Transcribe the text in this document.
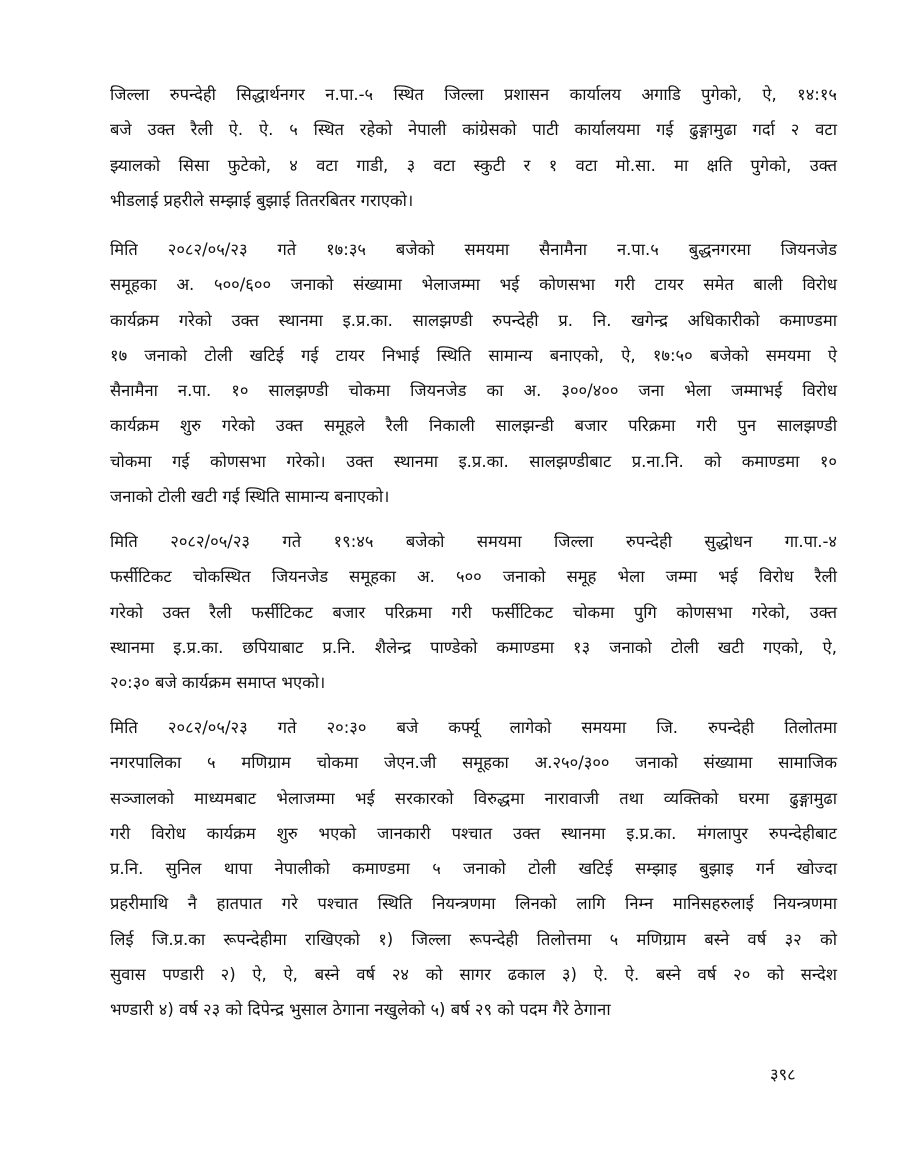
जिल्ला रुपन्देही सिद्धार्थनगर न.पा.-५ स्थित जिल्ला प्रशासन कार्यालय अगाडि पुगेको, ऐ, १४:१५
बजे उक्त रैली ऐ. ऐ. ५ स्थित रहेको नेपाली कांग्रेसको पाटी कार्यालयमा गई ढुङ्गामुढा गर्दा २ वटा
झ्यालको सिसा फुटेको, ४ वटा गाडी, ३ वटा स्कुटी र १ वटा मो.सा. मा क्षति पुगेको, उक्त
भीडलाई प्रहरीले सम्झाई बुझाई तितरबितर गराएको।
मिति २०८२/०५/२३ गते १७:३५ बजेको समयमा सैनामैना न.पा.५ बुद्धनगरमा जियनजेड
समूहका अ. ५००/६०० जनाको संख्यामा भेलाजम्मा भई कोणसभा गरी टायर समेत बाली विरोध
कार्यक्रम गरेको उक्त स्थानमा इ.प्र.का. सालझण्डी रुपन्देही प्र. नि. खगेन्द्र अधिकारीको कमाण्डमा
१७ जनाको टोली खटिई गई टायर निभाई स्थिति सामान्य बनाएको, ऐ, १७:५० बजेको समयमा ऐ
सैनामैना न.पा. १० सालझण्डी चोकमा जियनजेड का अ. ३००/४०० जना भेला जम्माभई विरोध
कार्यक्रम शुरु गरेको उक्त समूहले रैली निकाली सालझन्डी बजार परिक्रमा गरी पुन सालझण्डी
चोकमा गई कोणसभा गरेको। उक्त स्थानमा इ.प्र.का. सालझण्डीबाट प्र.ना.नि. को कमाण्डमा १०
जनाको टोली खटी गई स्थिति सामान्य बनाएको।
मिति २०८२/०५/२३ गते १९:४५ बजेको समयमा जिल्ला रुपन्देही सुद्धोधन गा.पा.-४
फर्सीटिकट चोकस्थित जियनजेड समूहका अ. ५०० जनाको समूह भेला जम्मा भई विरोध रैली
गरेको उक्त रैली फर्सीटिकट बजार परिक्रमा गरी फर्सीटिकट चोकमा पुगि कोणसभा गरेको, उक्त
स्थानमा इ.प्र.का. छपियाबाट प्र.नि. शैलेन्द्र पाण्डेको कमाण्डमा १३ जनाको टोली खटी गएको, ऐ,
२०:३० बजे कार्यक्रम समाप्त भएको।
मिति २०८२/०५/२३ गते २०:३० बजे कर्फ्यू लागेको समयमा जि. रुपन्देही तिलोतमा
नगरपालिका ५ मणिग्राम चोकमा जेएन.जी समूहका अ.२५०/३०० जनाको संख्यामा सामाजिक
सञ्जालको माध्यमबाट भेलाजम्मा भई सरकारको विरुद्धमा नारावाजी तथा व्यक्तिको घरमा ढुङ्गामुढा
गरी विरोध कार्यक्रम शुरु भएको जानकारी पश्चात उक्त स्थानमा इ.प्र.का. मंगलापुर रुपन्देहीबाट
प्र.नि. सुनिल थापा नेपालीको कमाण्डमा ५ जनाको टोली खटिई सम्झाइ बुझाइ गर्न खोज्दा
प्रहरीमाथि नै हातपात गरे पश्चात स्थिति नियन्त्रणमा लिनको लागि निम्न मानिसहरुलाई नियन्त्रणमा
लिई जि.प्र.का रूपन्देहीमा राखिएको १) जिल्ला रूपन्देही तिलोत्तमा ५ मणिग्राम बस्ने वर्ष ३२ को
सुवास पण्डारी २) ऐ, ऐ, बस्ने वर्ष २४ को सागर ढकाल ३) ऐ. ऐ. बस्ने वर्ष २० को सन्देश
भण्डारी ४) वर्ष २३ को दिपेन्द्र भुसाल ठेगाना नखुलेको ५) बर्ष २९ को पदम गैरे ठेगाना
३९८
